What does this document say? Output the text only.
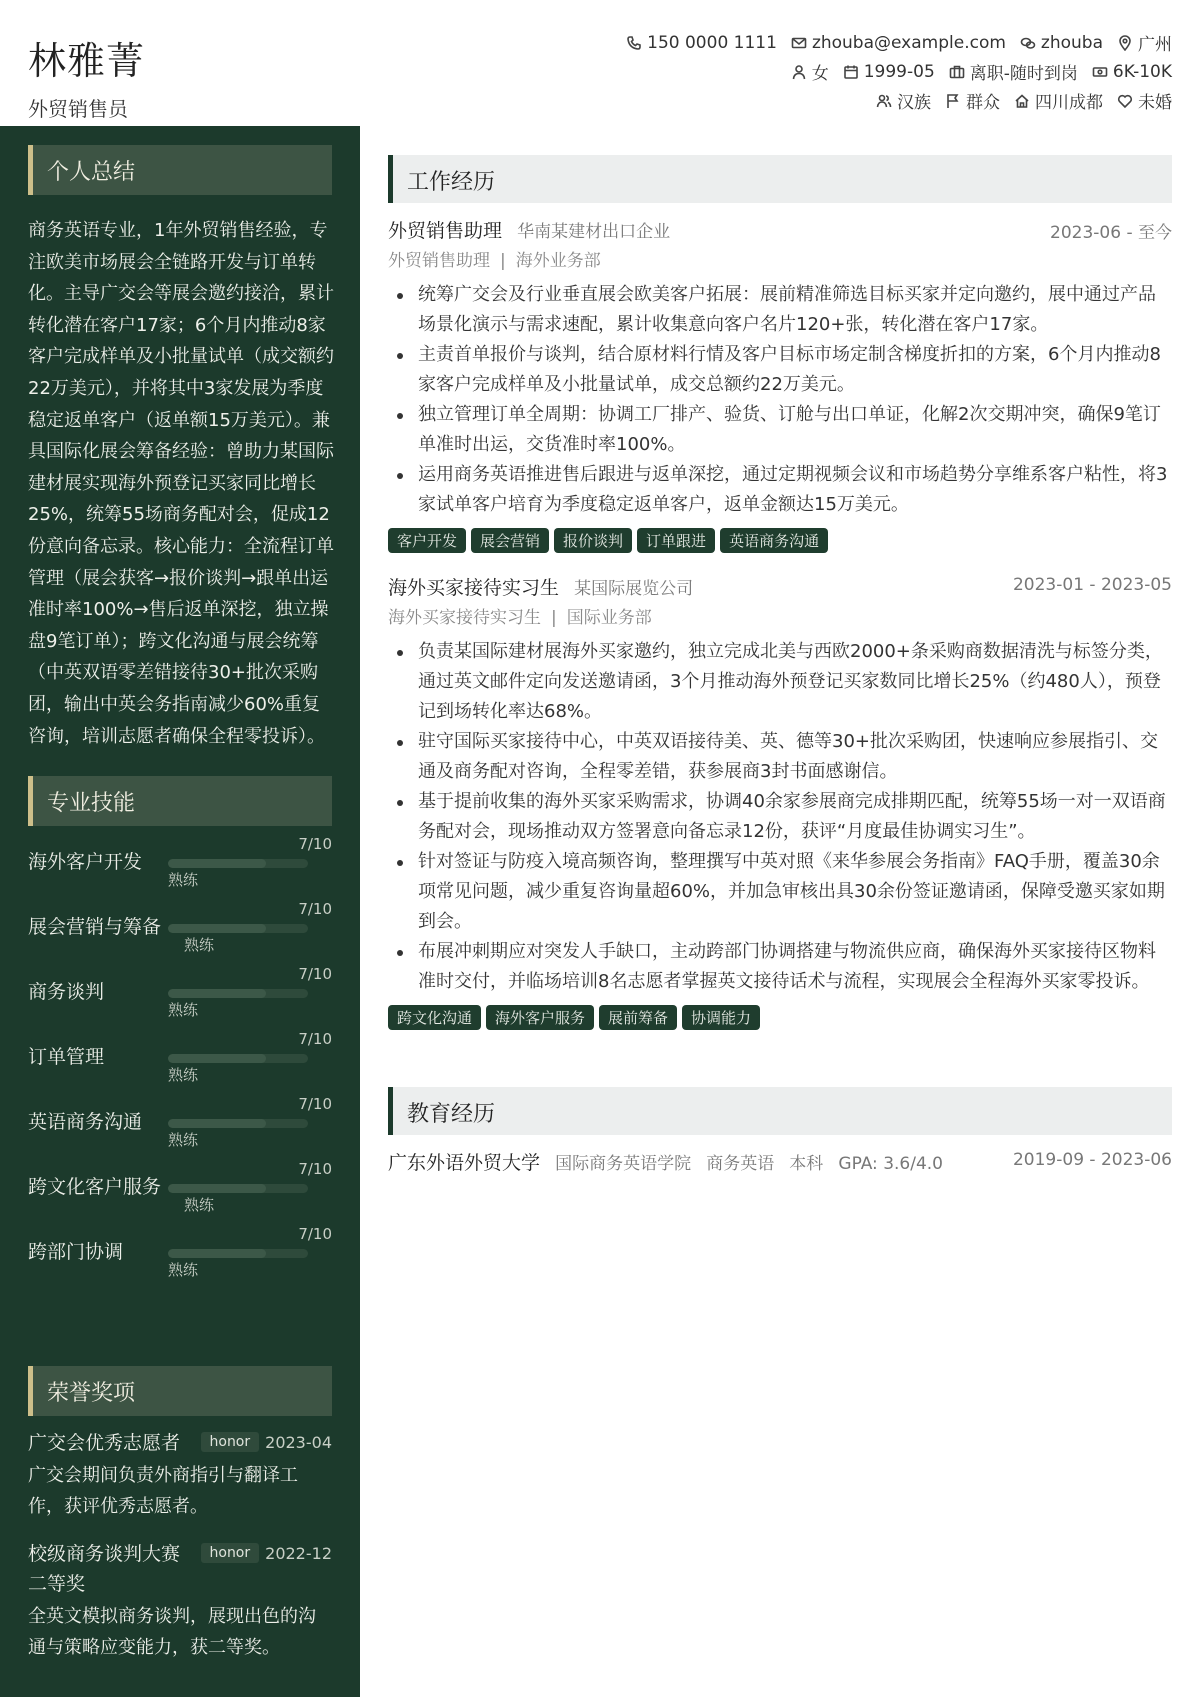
林雅菁
外贸销售员
150 0000 1111 zhouba@example.com zhouba 广州
女 1999-05 离职-随时到岗 6K-10K
汉族 群众 四川成都 未婚
个人总结
商务英语专业，1年外贸销售经验，专注欧美市场展会全链路开发与订单转化。主导广交会等展会邀约接洽，累计转化潜在客户17家；6个月内推动8家客户完成样单及小批量试单（成交额约22万美元），并将其中3家发展为季度稳定返单客户（返单额15万美元）。兼具国际化展会筹备经验：曾助力某国际建材展实现海外预登记买家同比增长25%，统筹55场商务配对会，促成12份意向备忘录。核心能力：全流程订单管理（展会获客→报价谈判→跟单出运准时率100%→售后返单深挖，独立操盘9笔订单）；跨文化沟通与展会统筹（中英双语零差错接待30+批次采购团，输出中英会务指南减少60%重复咨询，培训志愿者确保全程零投诉）。
专业技能
海外客户开发
7/10
熟练
展会营销与筹备
7/10
熟练
商务谈判
7/10
熟练
订单管理
7/10
熟练
英语商务沟通
7/10
熟练
跨文化客户服务
7/10
熟练
跨部门协调
7/10
熟练
荣誉奖项
广交会优秀志愿者	honor 2023-04
广交会期间负责外商指引与翻译工作，获评优秀志愿者。
校级商务谈判大赛二等奖
honor 2022-12
全英文模拟商务谈判，展现出色的沟通与策略应变能力，获二等奖。
工作经历
外贸销售助理 华南某建材出口企业	2023-06 - 至今
外贸销售助理 | 海外业务部
统筹广交会及行业垂直展会欧美客户拓展：展前精准筛选目标买家并定向邀约，展中通过产品场景化演示与需求速配，累计收集意向客户名片120+张，转化潜在客户17家。
主责首单报价与谈判，结合原材料行情及客户目标市场定制含梯度折扣的方案，6个月内推动8家客户完成样单及小批量试单，成交总额约22万美元。
独立管理订单全周期：协调工厂排产、验货、订舱与出口单证，化解2次交期冲突，确保9笔订单准时出运，交货准时率100%。
运用商务英语推进售后跟进与返单深挖，通过定期视频会议和市场趋势分享维系客户粘性，将3家试单客户培育为季度稳定返单客户，返单金额达15万美元。
客户开发	展会营销	报价谈判	订单跟进	英语商务沟通
海外买家接待实习生 某国际展览公司	2023-01 - 2023-05
海外买家接待实习生 | 国际业务部
负责某国际建材展海外买家邀约，独立完成北美与西欧2000+条采购商数据清洗与标签分类，通过英文邮件定向发送邀请函，3个月推动海外预登记买家数同比增长25%（约480人），预登记到场转化率达68%。
驻守国际买家接待中心，中英双语接待美、英、德等30+批次采购团，快速响应参展指引、交通及商务配对咨询，全程零差错，获参展商3封书面感谢信。
基于提前收集的海外买家采购需求，协调40余家参展商完成排期匹配，统筹55场一对一双语商务配对会，现场推动双方签署意向备忘录12份，获评“月度最佳协调实习生”。
针对签证与防疫入境高频咨询，整理撰写中英对照《来华参展会务指南》FAQ手册，覆盖30余项常见问题，减少重复咨询量超60%，并加急审核出具30余份签证邀请函，保障受邀买家如期到会。
布展冲刺期应对突发人手缺口，主动跨部门协调搭建与物流供应商，确保海外买家接待区物料准时交付，并临场培训8名志愿者掌握英文接待话术与流程，实现展会全程海外买家零投诉。
跨文化沟通	海外客户服务	展前筹备	协调能力
教育经历
广东外语外贸大学 国际商务英语学院 商务英语 本科 GPA: 3.6/4.0	2019-09 - 2023-06
